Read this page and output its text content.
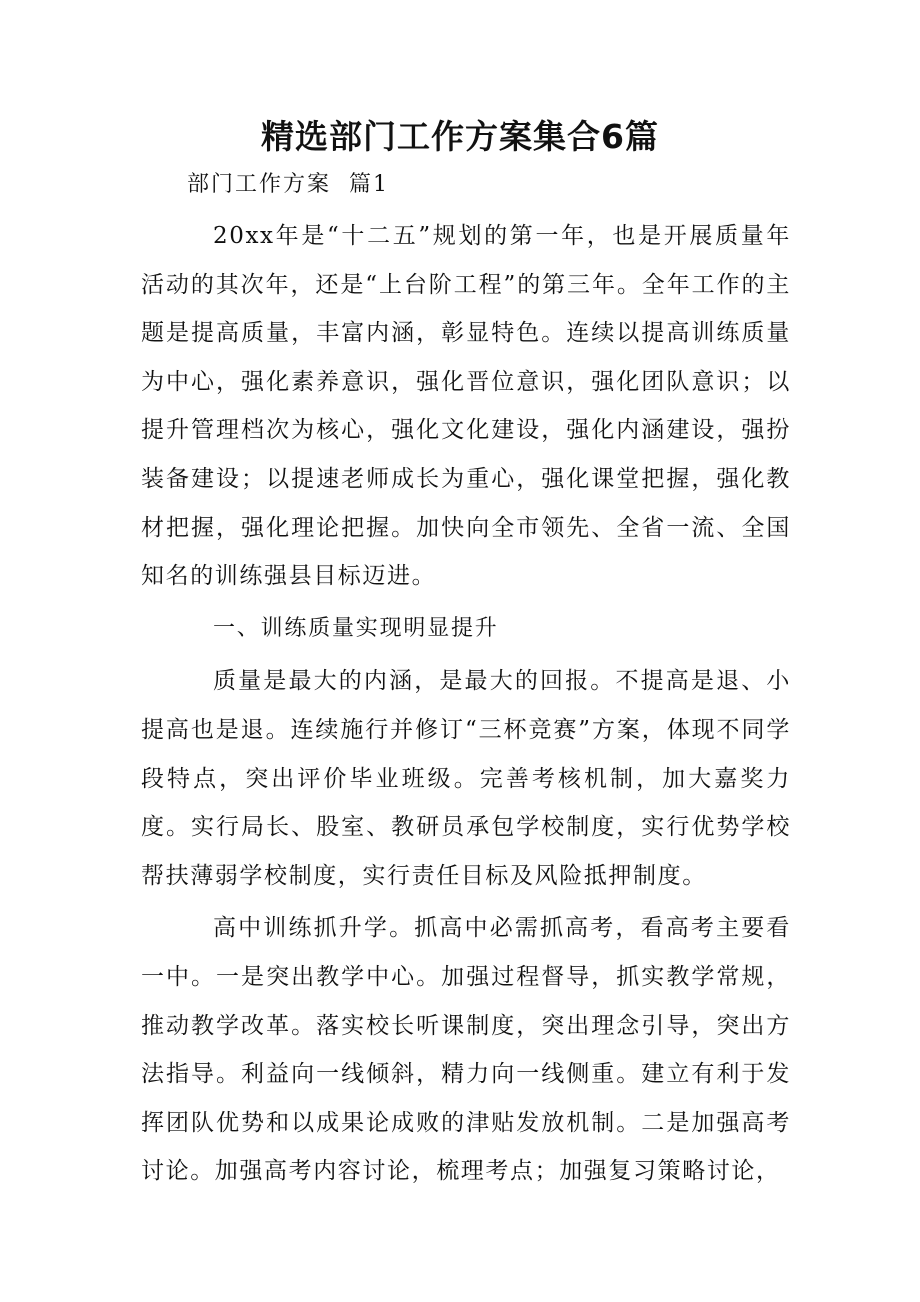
精选部门工作方案集合6篇

部门工作方案  篇1

20xx年是“十二五”规划的第一年，也是开展质量年活动的其次年，还是“上台阶工程”的第三年。全年工作的主题是提高质量，丰富内涵，彰显特色。连续以提高训练质量为中心，强化素养意识，强化晋位意识，强化团队意识；以提升管理档次为核心，强化文化建设，强化内涵建设，强扮装备建设；以提速老师成长为重心，强化课堂把握，强化教材把握，强化理论把握。加快向全市领先、全省一流、全国知名的训练强县目标迈进。

一、训练质量实现明显提升

质量是最大的内涵，是最大的回报。不提高是退、小提高也是退。连续施行并修订“三杯竞赛”方案，体现不同学段特点，突出评价毕业班级。完善考核机制，加大嘉奖力度。实行局长、股室、教研员承包学校制度，实行优势学校帮扶薄弱学校制度，实行责任目标及风险抵押制度。

高中训练抓升学。抓高中必需抓高考，看高考主要看一中。一是突出教学中心。加强过程督导，抓实教学常规，推动教学改革。落实校长听课制度，突出理念引导，突出方法指导。利益向一线倾斜，精力向一线侧重。建立有利于发挥团队优势和以成果论成败的津贴发放机制。二是加强高考讨论。加强高考内容讨论，梳理考点；加强复习策略讨论，
